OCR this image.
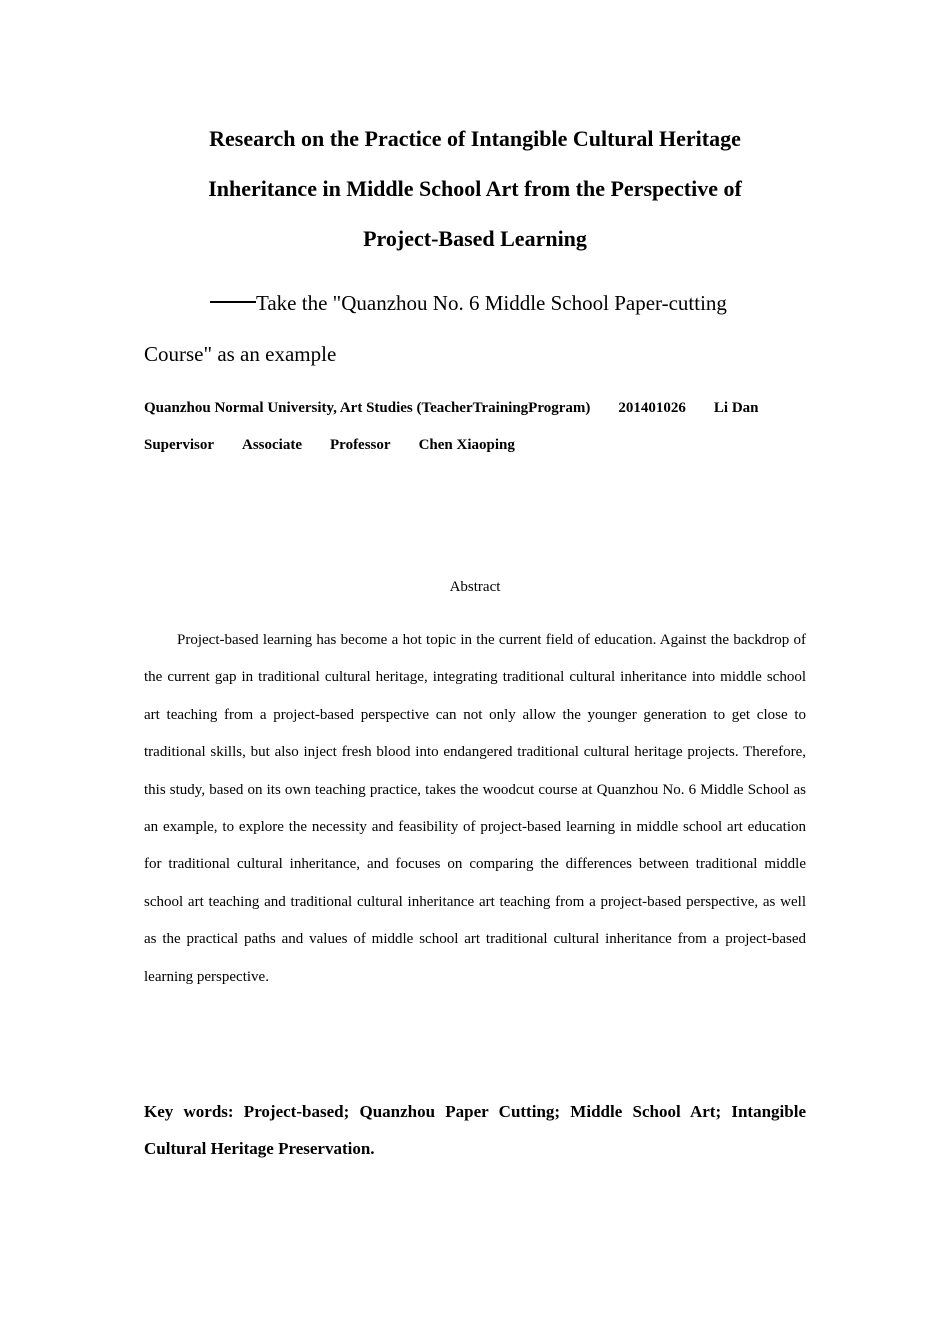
Research on the Practice of Intangible Cultural Heritage
Inheritance in Middle School Art from the Perspective of
Project-Based Learning
Take the "Quanzhou No. 6 Middle School Paper-cutting
Course" as an example
Quanzhou Normal University, Art Studies (TeacherTrainingProgram) 201401026 Li Dan
Supervisor Associate Professor Chen Xiaoping
Abstract

Project-based learning has become a hot topic in the current field of education. Against the backdrop of the current gap in traditional cultural heritage, integrating traditional cultural inheritance into middle school art teaching from a project-based perspective can not only allow the younger generation to get close to traditional skills, but also inject fresh blood into endangered traditional cultural heritage projects. Therefore, this study, based on its own teaching practice, takes the woodcut course at Quanzhou No. 6 Middle School as an example, to explore the necessity and feasibility of project-based learning in middle school art education for traditional cultural inheritance, and focuses on comparing the differences between traditional middle school art teaching and traditional cultural inheritance art teaching from a project-based perspective, as well as the practical paths and values of middle school art traditional cultural inheritance from a project-based learning perspective.

Key words: Project-based; Quanzhou Paper Cutting; Middle School Art; Intangible Cultural Heritage Preservation.
